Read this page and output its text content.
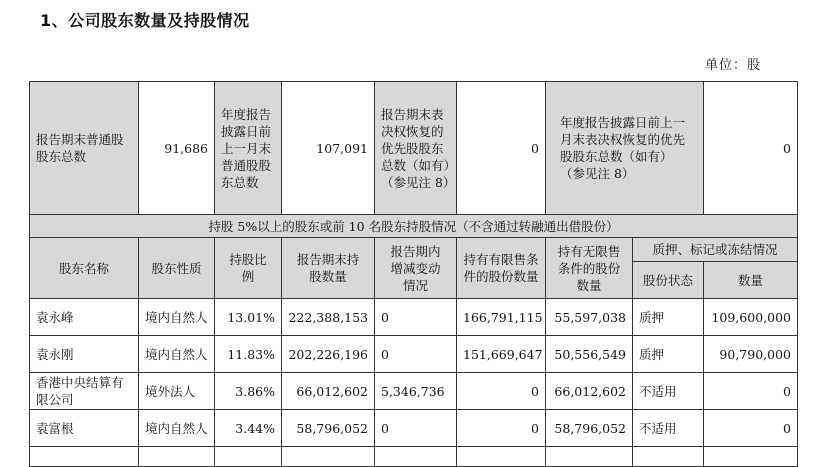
1、公司股东数量及持股情况
单位：股
报告期末普通股股东总数	91,686	年度报告披露日前上一月末普通股股东总数	107,091	报告期末表决权恢复的优先股股东总数（如有）（参见注 8）	0	年度报告披露日前上一月末表决权恢复的优先股股东总数（如有）（参见注 8）		0
持股 5%以上的股东或前 10 名股东持股情况（不含通过转融通出借股份）								
股东名称	股东性质	持股比例	报告期末持股数量	报告期内增减变动情况	持有有限售条件的股份数量	持有无限售条件的股份数量	质押、标记或冻结情况	
							股份状态	数量
袁永峰	境内自然人	13.01%	222,388,153	0	166,791,115	55,597,038	质押	109,600,000
袁永刚	境内自然人	11.83%	202,226,196	0	151,669,647	50,556,549	质押	90,790,000
香港中央结算有限公司	境外法人	3.86%	66,012,602	5,346,736	0	66,012,602	不适用	0
袁富根	境内自然人	3.44%	58,796,052	0	0	58,796,052	不适用	0
